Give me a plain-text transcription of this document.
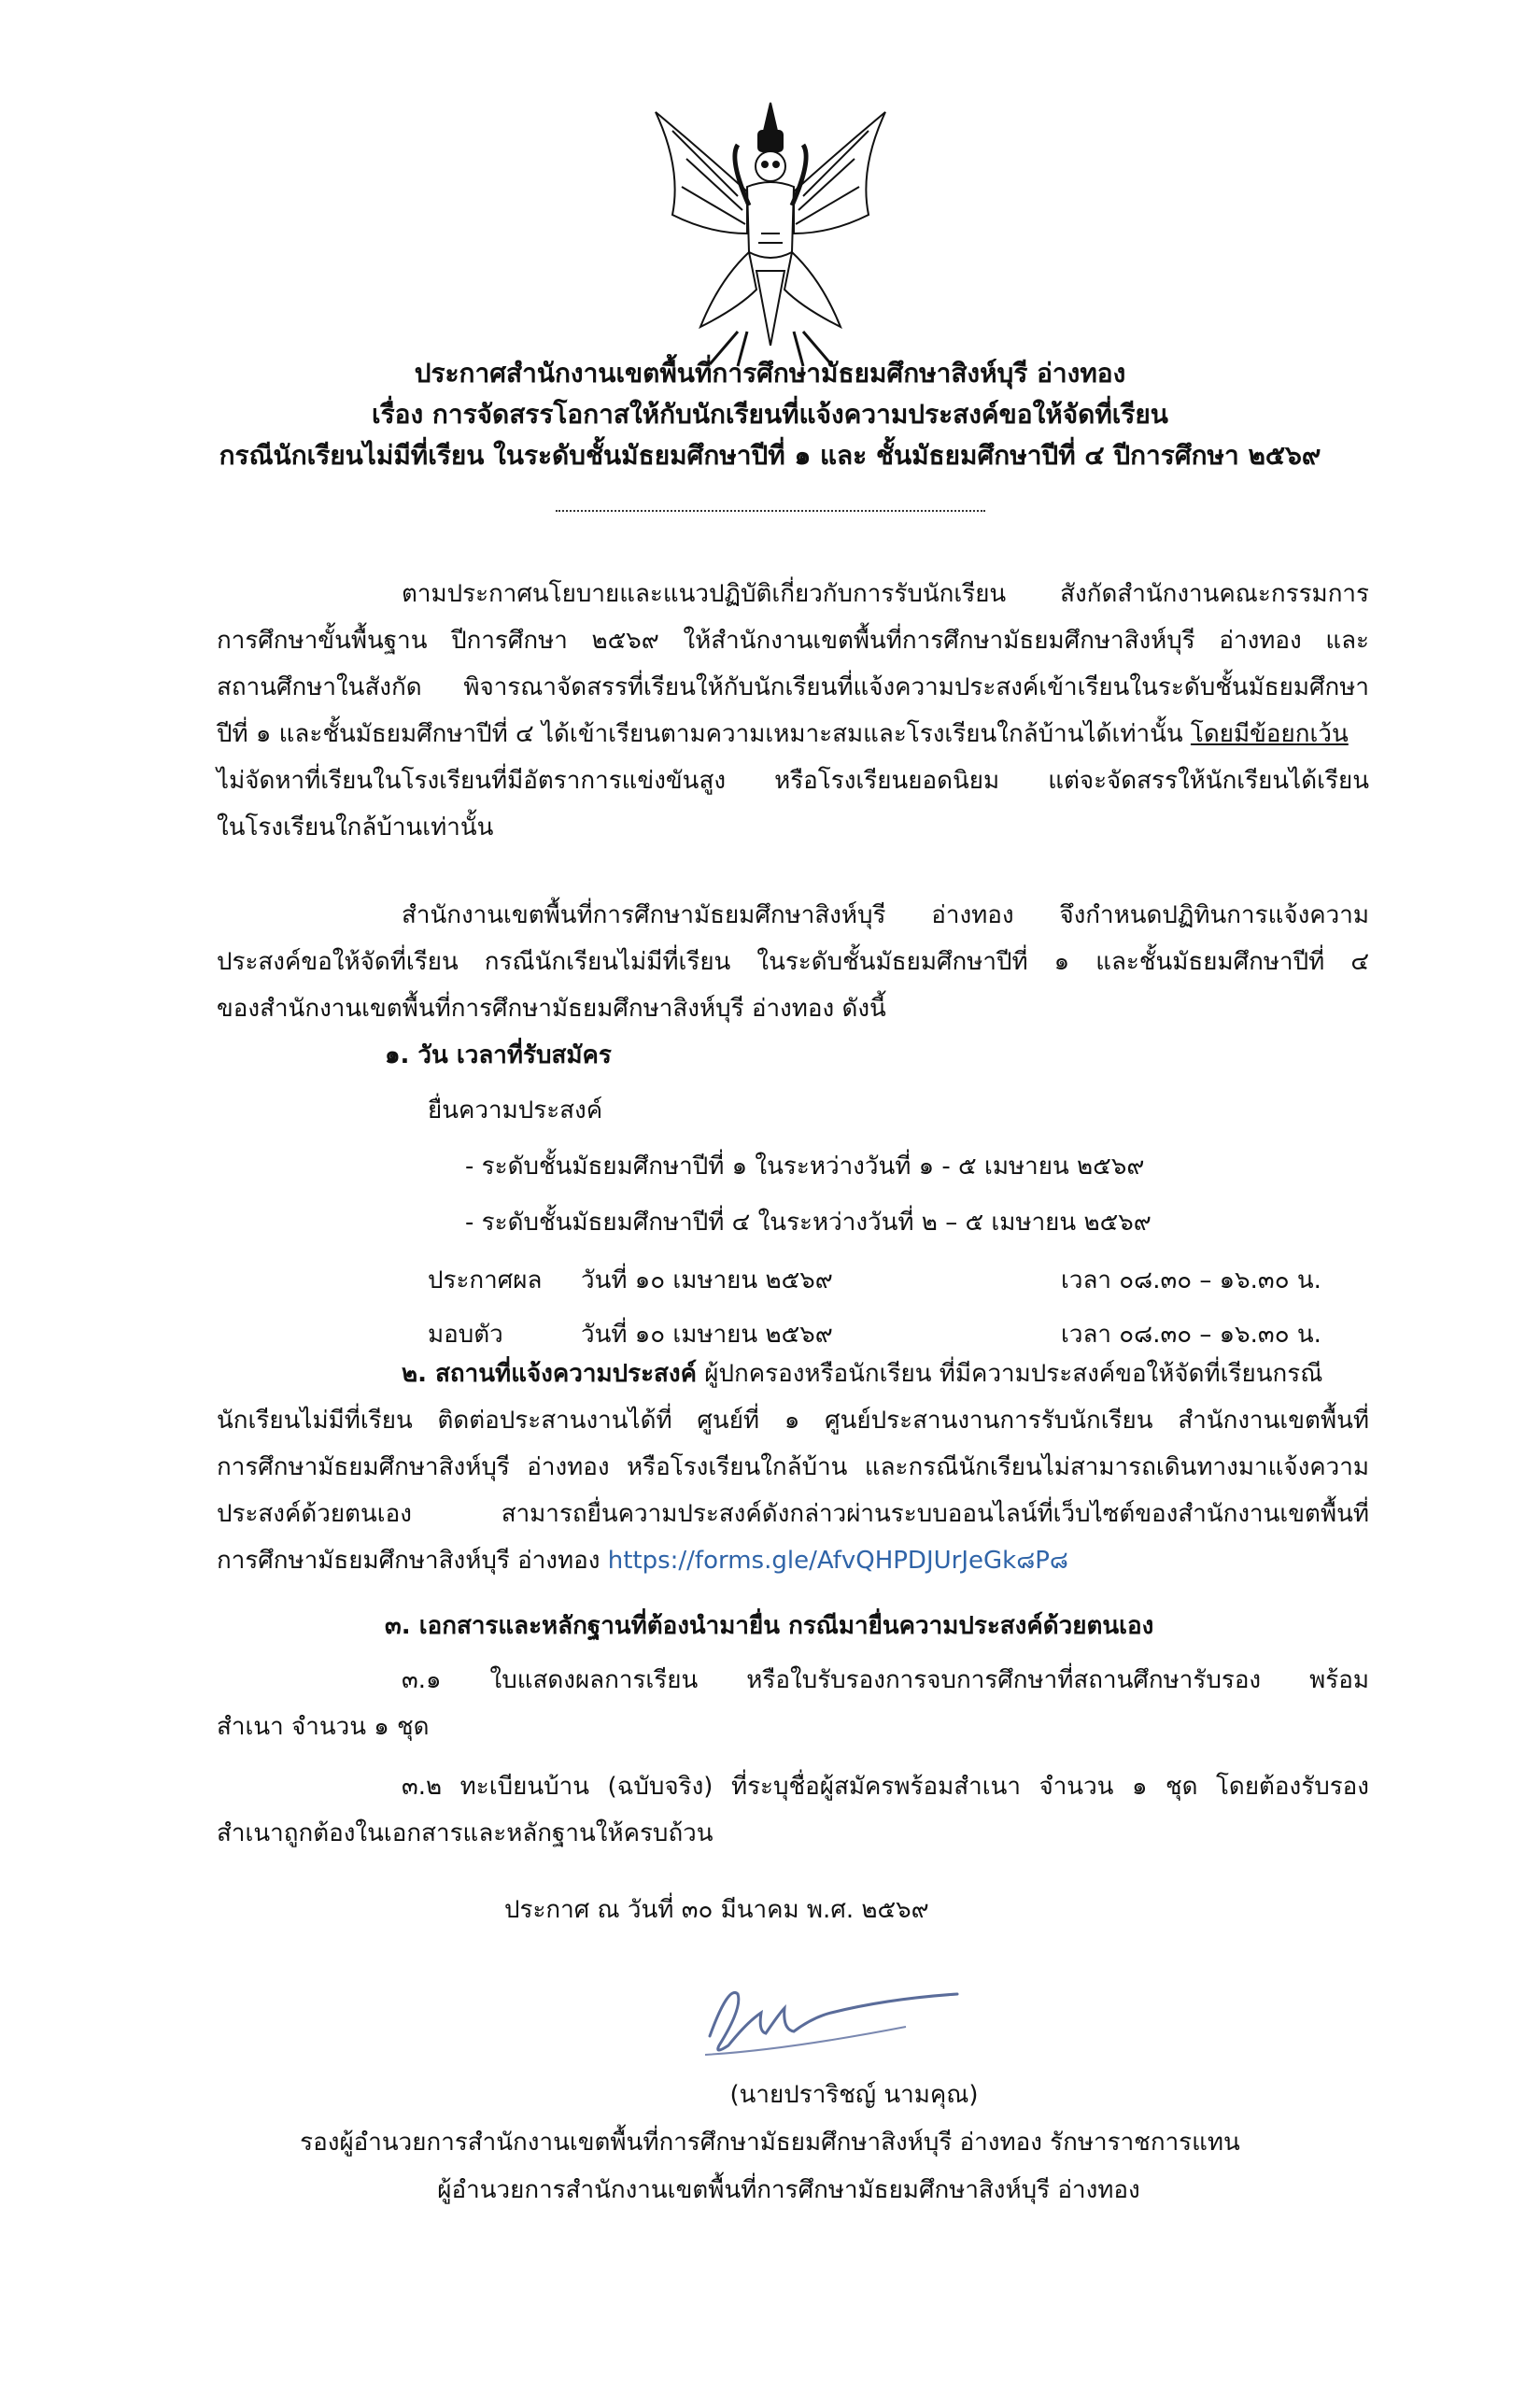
ประกาศสำนักงานเขตพื้นที่การศึกษามัธยมศึกษาสิงห์บุรี อ่างทอง
เรื่อง การจัดสรรโอกาสให้กับนักเรียนที่แจ้งความประสงค์ขอให้จัดที่เรียน
กรณีนักเรียนไม่มีที่เรียน ในระดับชั้นมัธยมศึกษาปีที่ ๑ และ ชั้นมัธยมศึกษาปีที่ ๔ ปีการศึกษา ๒๕๖๙
ตามประกาศนโยบายและแนวปฏิบัติเกี่ยวกับการรับนักเรียน สังกัดสำนักงานคณะกรรมการ
การศึกษาขั้นพื้นฐาน ปีการศึกษา ๒๕๖๙ ให้สำนักงานเขตพื้นที่การศึกษามัธยมศึกษาสิงห์บุรี อ่างทอง และ
สถานศึกษาในสังกัด พิจารณาจัดสรรที่เรียนให้กับนักเรียนที่แจ้งความประสงค์เข้าเรียนในระดับชั้นมัธยมศึกษา
ปีที่ ๑ และชั้นมัธยมศึกษาปีที่ ๔ ได้เข้าเรียนตามความเหมาะสมและโรงเรียนใกล้บ้านได้เท่านั้น โดยมีข้อยกเว้น
ไม่จัดหาที่เรียนในโรงเรียนที่มีอัตราการแข่งขันสูง หรือโรงเรียนยอดนิยม แต่จะจัดสรรให้นักเรียนได้เรียน
ในโรงเรียนใกล้บ้านเท่านั้น
สำนักงานเขตพื้นที่การศึกษามัธยมศึกษาสิงห์บุรี อ่างทอง จึงกำหนดปฏิทินการแจ้งความ
ประสงค์ขอให้จัดที่เรียน กรณีนักเรียนไม่มีที่เรียน ในระดับชั้นมัธยมศึกษาปีที่ ๑ และชั้นมัธยมศึกษาปีที่ ๔
ของสำนักงานเขตพื้นที่การศึกษามัธยมศึกษาสิงห์บุรี อ่างทอง ดังนี้
๑. วัน เวลาที่รับสมัคร
ยื่นความประสงค์
- ระดับชั้นมัธยมศึกษาปีที่ ๑ ในระหว่างวันที่ ๑ - ๕ เมษายน ๒๕๖๙
- ระดับชั้นมัธยมศึกษาปีที่ ๔ ในระหว่างวันที่ ๒ – ๕ เมษายน ๒๕๖๙
ประกาศผล วันที่ ๑๐ เมษายน ๒๕๖๙	เวลา ๐๘.๓๐ – ๑๖.๓๐ น.
มอบตัว	วันที่ ๑๐ เมษายน ๒๕๖๙	เวลา ๐๘.๓๐ – ๑๖.๓๐ น.
๒. สถานที่แจ้งความประสงค์ ผู้ปกครองหรือนักเรียน ที่มีความประสงค์ขอให้จัดที่เรียนกรณี
นักเรียนไม่มีที่เรียน ติดต่อประสานงานได้ที่ ศูนย์ที่ ๑ ศูนย์ประสานงานการรับนักเรียน สำนักงานเขตพื้นที่
การศึกษามัธยมศึกษาสิงห์บุรี อ่างทอง หรือโรงเรียนใกล้บ้าน และกรณีนักเรียนไม่สามารถเดินทางมาแจ้งความ
ประสงค์ด้วยตนเอง สามารถยื่นความประสงค์ดังกล่าวผ่านระบบออนไลน์ที่เว็บไซต์ของสำนักงานเขตพื้นที่
การศึกษามัธยมศึกษาสิงห์บุรี อ่างทอง https://forms.gle/AfvQHPDJUrJeGk๘P๘
๓. เอกสารและหลักฐานที่ต้องนำมายื่น กรณีมายื่นความประสงค์ด้วยตนเอง
๓.๑ ใบแสดงผลการเรียน หรือใบรับรองการจบการศึกษาที่สถานศึกษารับรอง พร้อม
สำเนา จำนวน ๑ ชุด
๓.๒ ทะเบียนบ้าน (ฉบับจริง) ที่ระบุชื่อผู้สมัครพร้อมสำเนา จำนวน ๑ ชุด โดยต้องรับรอง
สำเนาถูกต้องในเอกสารและหลักฐานให้ครบถ้วน
ประกาศ ณ วันที่ ๓๐ มีนาคม พ.ศ. ๒๕๖๙
(นายปราริชญ์ นามคุณ)
รองผู้อำนวยการสำนักงานเขตพื้นที่การศึกษามัธยมศึกษาสิงห์บุรี อ่างทอง รักษาราชการแทน
ผู้อำนวยการสำนักงานเขตพื้นที่การศึกษามัธยมศึกษาสิงห์บุรี อ่างทอง
